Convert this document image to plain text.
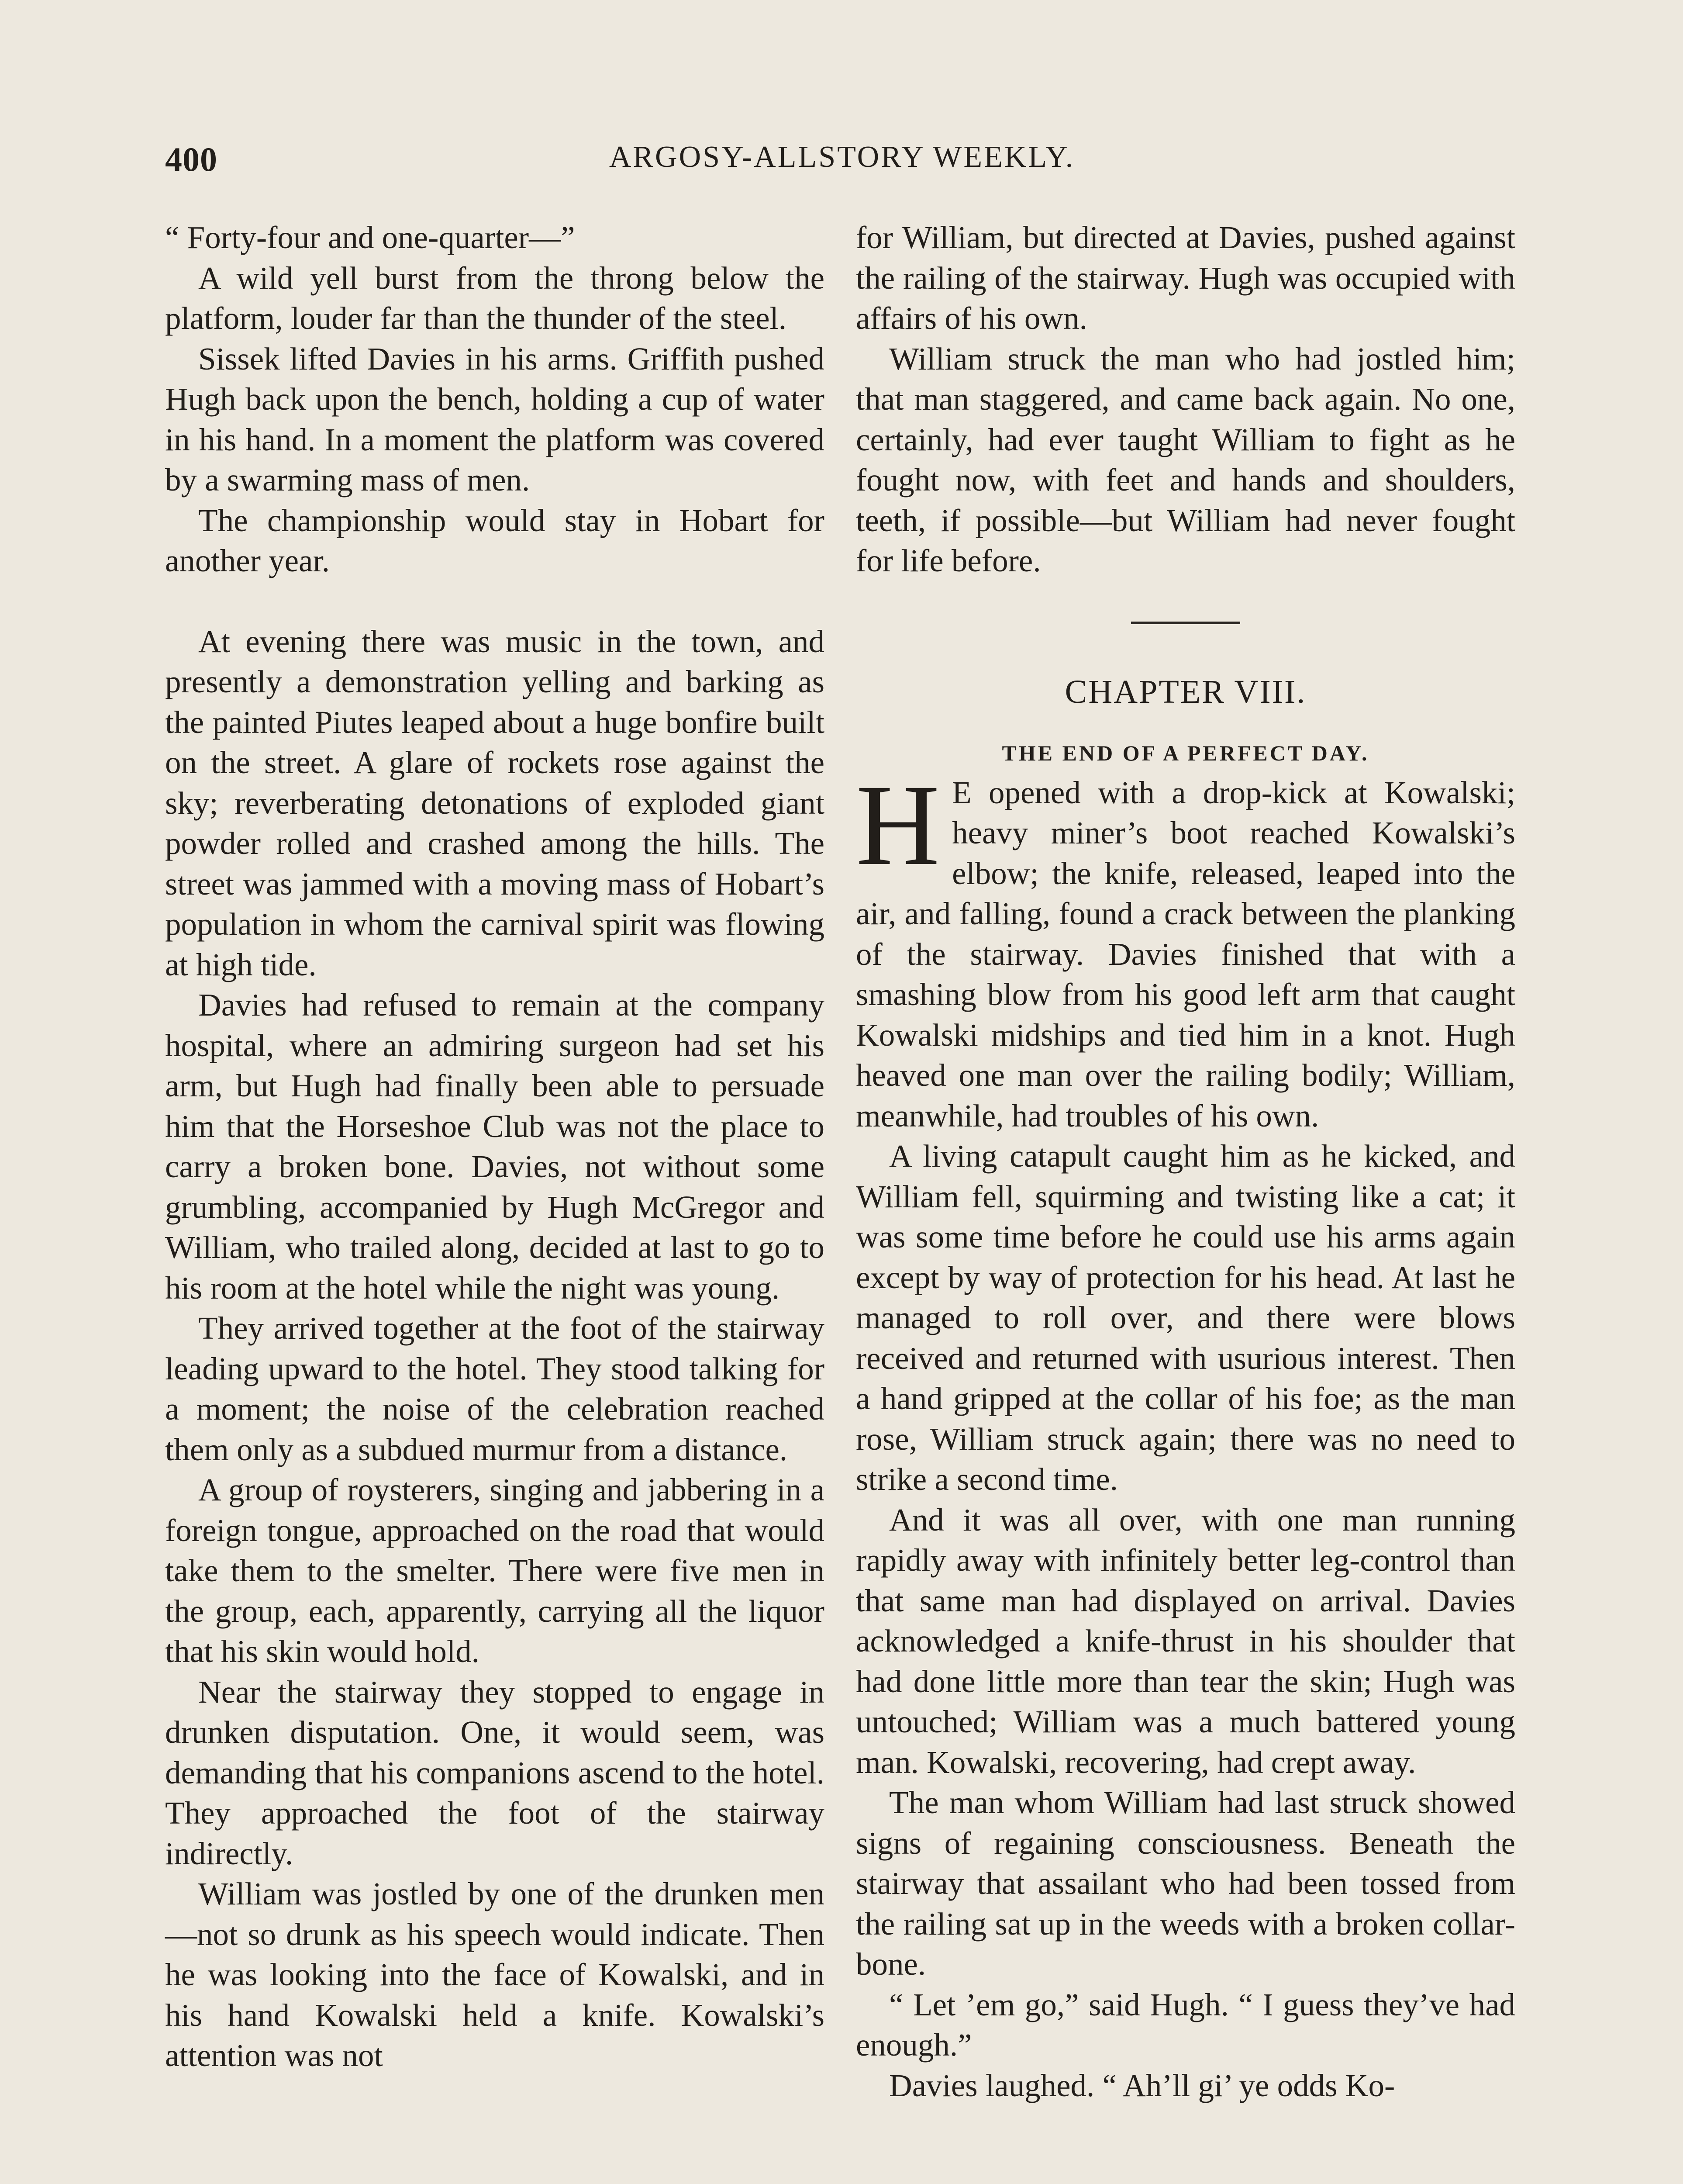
400	ARGOSY-ALLSTORY WEEKLY.

“ Forty-four and one-quarter—”

A wild yell burst from the throng below the platform, louder far than the thunder of the steel.

Sissek lifted Davies in his arms. Griffith pushed Hugh back upon the bench, holding a cup of water in his hand. In a moment the platform was covered by a swarming mass of men.

The championship would stay in Hobart for another year.

At evening there was music in the town, and presently a demonstration yelling and barking as the painted Piutes leaped about a huge bonfire built on the street. A glare of rockets rose against the sky; reverberating detonations of exploded giant powder rolled and crashed among the hills. The street was jammed with a moving mass of Hobart’s population in whom the carnival spirit was flowing at high tide.

Davies had refused to remain at the company hospital, where an admiring surgeon had set his arm, but Hugh had finally been able to persuade him that the Horseshoe Club was not the place to carry a broken bone. Davies, not without some grumbling, accompanied by Hugh McGregor and William, who trailed along, decided at last to go to his room at the hotel while the night was young.

They arrived together at the foot of the stairway leading upward to the hotel. They stood talking for a moment; the noise of the celebration reached them only as a subdued murmur from a distance.

A group of roysterers, singing and jabbering in a foreign tongue, approached on the road that would take them to the smelter. There were five men in the group, each, apparently, carrying all the liquor that his skin would hold.

Near the stairway they stopped to engage in drunken disputation. One, it would seem, was demanding that his companions ascend to the hotel. They approached the foot of the stairway indirectly.

William was jostled by one of the drunken men—not so drunk as his speech would indicate. Then he was looking into the face of Kowalski, and in his hand Kowalski held a knife. Kowalski’s attention was not

for William, but directed at Davies, pushed against the railing of the stairway. Hugh was occupied with affairs of his own.

William struck the man who had jostled him; that man staggered, and came back again. No one, certainly, had ever taught William to fight as he fought now, with feet and hands and shoulders, teeth, if possible—but William had never fought for life before.

CHAPTER VIII.
THE END OF A PERFECT DAY.

H E opened with a drop-kick at Kowalski; heavy miner’s boot reached Kowalski’s elbow; the knife, released, leaped into the air, and falling, found a crack between the planking of the stairway. Davies finished that with a smashing blow from his good left arm that caught Kowalski midships and tied him in a knot. Hugh heaved one man over the railing bodily; William, meanwhile, had troubles of his own.

A living catapult caught him as he kicked, and William fell, squirming and twisting like a cat; it was some time before he could use his arms again except by way of protection for his head. At last he managed to roll over, and there were blows received and returned with usurious interest. Then a hand gripped at the collar of his foe; as the man rose, William struck again; there was no need to strike a second time.

And it was all over, with one man running rapidly away with infinitely better leg-control than that same man had displayed on arrival. Davies acknowledged a knife-thrust in his shoulder that had done little more than tear the skin; Hugh was untouched; William was a much battered young man. Kowalski, recovering, had crept away.

The man whom William had last struck showed signs of regaining consciousness. Beneath the stairway that assailant who had been tossed from the railing sat up in the weeds with a broken collar-bone.

“ Let ’em go,” said Hugh. “ I guess they’ve had enough.”

Davies laughed. “ Ah’ll gi’ ye odds Ko-
